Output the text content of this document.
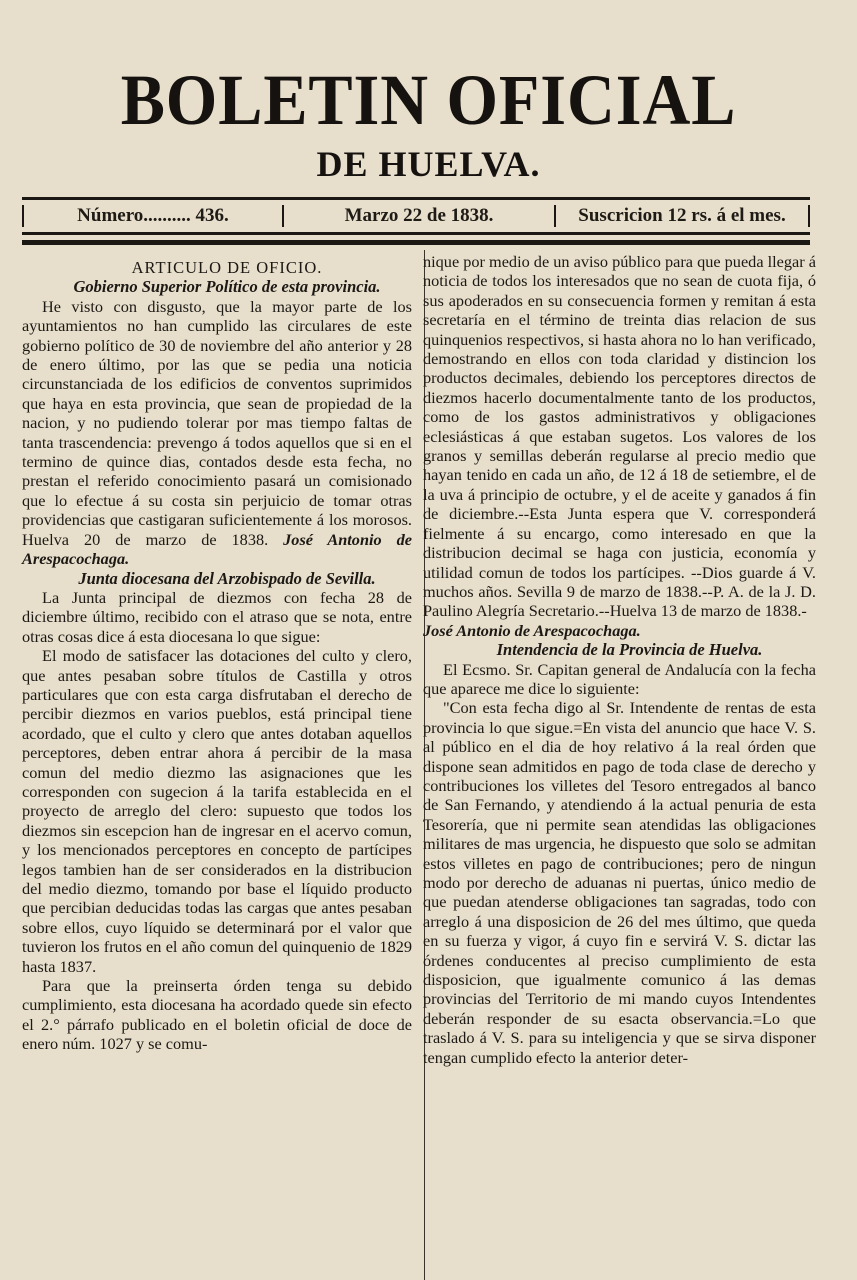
BOLETIN OFICIAL
DE HUELVA.
Número.......... 436.	Marzo 22 de 1838.	Suscricion 12 rs. á el mes.

ARTICULO DE OFICIO.

Gobierno Superior Político de esta provincia.

He visto con disgusto, que la mayor parte de los ayuntamientos no han cumplido las circulares de este gobierno político de 30 de noviembre del año anterior y 28 de enero último, por las que se pedia una noticia circunstanciada de los edificios de conventos suprimidos que haya en esta provincia, que sean de propiedad de la nacion, y no pudiendo tolerar por mas tiempo faltas de tanta trascendencia: prevengo á todos aquellos que si en el termino de quince dias, contados desde esta fecha, no prestan el referido conocimiento pasará un comisionado que lo efectue á su costa sin perjuicio de tomar otras providencias que castigaran suficientemente á los morosos. Huelva 20 de marzo de 1838. José Antonio de Arespacochaga.

Junta diocesana del Arzobispado de Sevilla.

La Junta principal de diezmos con fecha 28 de diciembre último, recibido con el atraso que se nota, entre otras cosas dice á esta diocesana lo que sigue:

El modo de satisfacer las dotaciones del culto y clero, que antes pesaban sobre títulos de Castilla y otros particulares que con esta carga disfrutaban el derecho de percibir diezmos en varios pueblos, está principal tiene acordado, que el culto y clero que antes dotaban aquellos perceptores, deben entrar ahora á percibir de la masa comun del medio diezmo las asignaciones que les corresponden con sugecion á la tarifa establecida en el proyecto de arreglo del clero: supuesto que todos los diezmos sin escepcion han de ingresar en el acervo comun, y los mencionados perceptores en concepto de partícipes legos tambien han de ser considerados en la distribucion del medio diezmo, tomando por base el líquido producto que percibian deducidas todas las cargas que antes pesaban sobre ellos, cuyo líquido se determinará por el valor que tuvieron los frutos en el año comun del quinquenio de 1829 hasta 1837.

Para que la preinserta órden tenga su debido cumplimiento, esta diocesana ha acordado quede sin efecto el 2.° párrafo publicado en el boletin oficial de doce de enero núm. 1027 y se comu-

nique por medio de un aviso público para que pueda llegar á noticia de todos los interesados que no sean de cuota fija, ó sus apoderados en su consecuencia formen y remitan á esta secretaría en el término de treinta dias relacion de sus quinquenios respectivos, si hasta ahora no lo han verificado, demostrando en ellos con toda claridad y distincion los productos decimales, debiendo los perceptores directos de diezmos hacerlo documentalmente tanto de los productos, como de los gastos administrativos y obligaciones eclesiásticas á que estaban sugetos. Los valores de los granos y semillas deberán regularse al precio medio que hayan tenido en cada un año, de 12 á 18 de setiembre, el de la uva á principio de octubre, y el de aceite y ganados á fin de diciembre.--Esta Junta espera que V. corresponderá fielmente á su encargo, como interesado en que la distribucion decimal se haga con justicia, economía y utilidad comun de todos los partícipes. --Dios guarde á V. muchos años. Sevilla 9 de marzo de 1838.--P. A. de la J. D. Paulino Alegría Secretario.--Huelva 13 de marzo de 1838.-

José Antonio de Arespacochaga.

Intendencia de la Provincia de Huelva.

El Ecsmo. Sr. Capitan general de Andalucía con la fecha que aparece me dice lo siguiente:

"Con esta fecha digo al Sr. Intendente de rentas de esta provincia lo que sigue.=En vista del anuncio que hace V. S. al público en el dia de hoy relativo á la real órden que dispone sean admitidos en pago de toda clase de derecho y contribuciones los villetes del Tesoro entregados al banco de San Fernando, y atendiendo á la actual penuria de esta Tesorería, que ni permite sean atendidas las obligaciones militares de mas urgencia, he dispuesto que solo se admitan estos villetes en pago de contribuciones; pero de ningun modo por derecho de aduanas ni puertas, único medio de que puedan atenderse obligaciones tan sagradas, todo con arreglo á una disposicion de 26 del mes último, que queda en su fuerza y vigor, á cuyo fin e servirá V. S. dictar las órdenes conducentes al preciso cumplimiento de esta disposicion, que igualmente comunico á las demas provincias del Territorio de mi mando cuyos Intendentes deberán responder de su esacta observancia.=Lo que traslado á V. S. para su inteligencia y que se sirva disponer tengan cumplido efecto la anterior deter-
